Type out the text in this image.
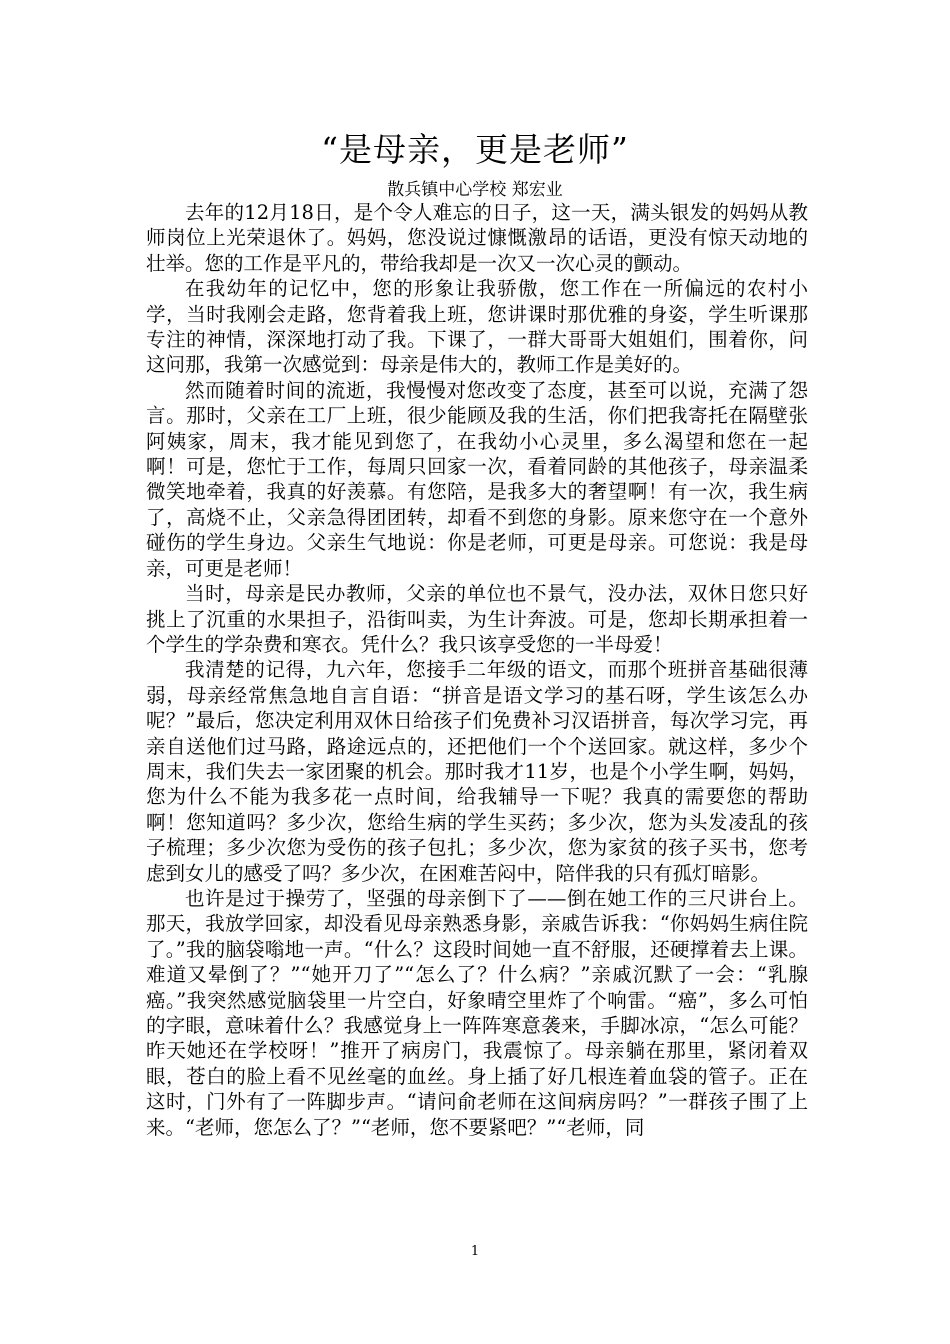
“是母亲，更是老师”
散兵镇中心学校 郑宏业

去年的12月18日，是个令人难忘的日子，这一天，满头银发的妈妈从教师岗位上光荣退休了。妈妈，您没说过慷慨激昂的话语，更没有惊天动地的壮举。您的工作是平凡的，带给我却是一次又一次心灵的颤动。

在我幼年的记忆中，您的形象让我骄傲，您工作在一所偏远的农村小学，当时我刚会走路，您背着我上班，您讲课时那优雅的身姿，学生听课那专注的神情，深深地打动了我。下课了，一群大哥哥大姐姐们，围着你，问这问那，我第一次感觉到：母亲是伟大的，教师工作是美好的。

然而随着时间的流逝，我慢慢对您改变了态度，甚至可以说，充满了怨言。那时，父亲在工厂上班，很少能顾及我的生活，你们把我寄托在隔壁张阿姨家，周末，我才能见到您了，在我幼小心灵里，多么渴望和您在一起啊！可是，您忙于工作，每周只回家一次，看着同龄的其他孩子，母亲温柔微笑地牵着，我真的好羡慕。有您陪，是我多大的奢望啊！有一次，我生病了，高烧不止，父亲急得团团转，却看不到您的身影。原来您守在一个意外碰伤的学生身边。父亲生气地说：你是老师，可更是母亲。可您说：我是母亲，可更是老师！

当时，母亲是民办教师，父亲的单位也不景气，没办法，双休日您只好挑上了沉重的水果担子，沿街叫卖，为生计奔波。可是，您却长期承担着一个学生的学杂费和寒衣。凭什么？我只该享受您的一半母爱！

我清楚的记得，九六年，您接手二年级的语文，而那个班拼音基础很薄弱，母亲经常焦急地自言自语：“拼音是语文学习的基石呀，学生该怎么办呢？”最后，您决定利用双休日给孩子们免费补习汉语拼音，每次学习完，再亲自送他们过马路，路途远点的，还把他们一个个送回家。就这样，多少个周末，我们失去一家团聚的机会。那时我才11岁，也是个小学生啊，妈妈，您为什么不能为我多花一点时间，给我辅导一下呢？我真的需要您的帮助啊！您知道吗？多少次，您给生病的学生买药；多少次，您为头发凌乱的孩子梳理；多少次您为受伤的孩子包扎；多少次，您为家贫的孩子买书，您考虑到女儿的感受了吗？多少次，在困难苦闷中，陪伴我的只有孤灯暗影。

也许是过于操劳了，坚强的母亲倒下了——倒在她工作的三尺讲台上。那天，我放学回家，却没看见母亲熟悉身影，亲戚告诉我：“你妈妈生病住院了。”我的脑袋嗡地一声。“什么？这段时间她一直不舒服，还硬撑着去上课。难道又晕倒了？”“她开刀了”“怎么了？什么病？”亲戚沉默了一会：“乳腺癌。”我突然感觉脑袋里一片空白，好象晴空里炸了个响雷。“癌”，多么可怕的字眼，意味着什么？我感觉身上一阵阵寒意袭来，手脚冰凉，“怎么可能？昨天她还在学校呀！”推开了病房门，我震惊了。母亲躺在那里，紧闭着双眼，苍白的脸上看不见丝毫的血丝。身上插了好几根连着血袋的管子。正在这时，门外有了一阵脚步声。“请问俞老师在这间病房吗？”一群孩子围了上来。“老师，您怎么了？”“老师，您不要紧吧？”“老师，同

1
